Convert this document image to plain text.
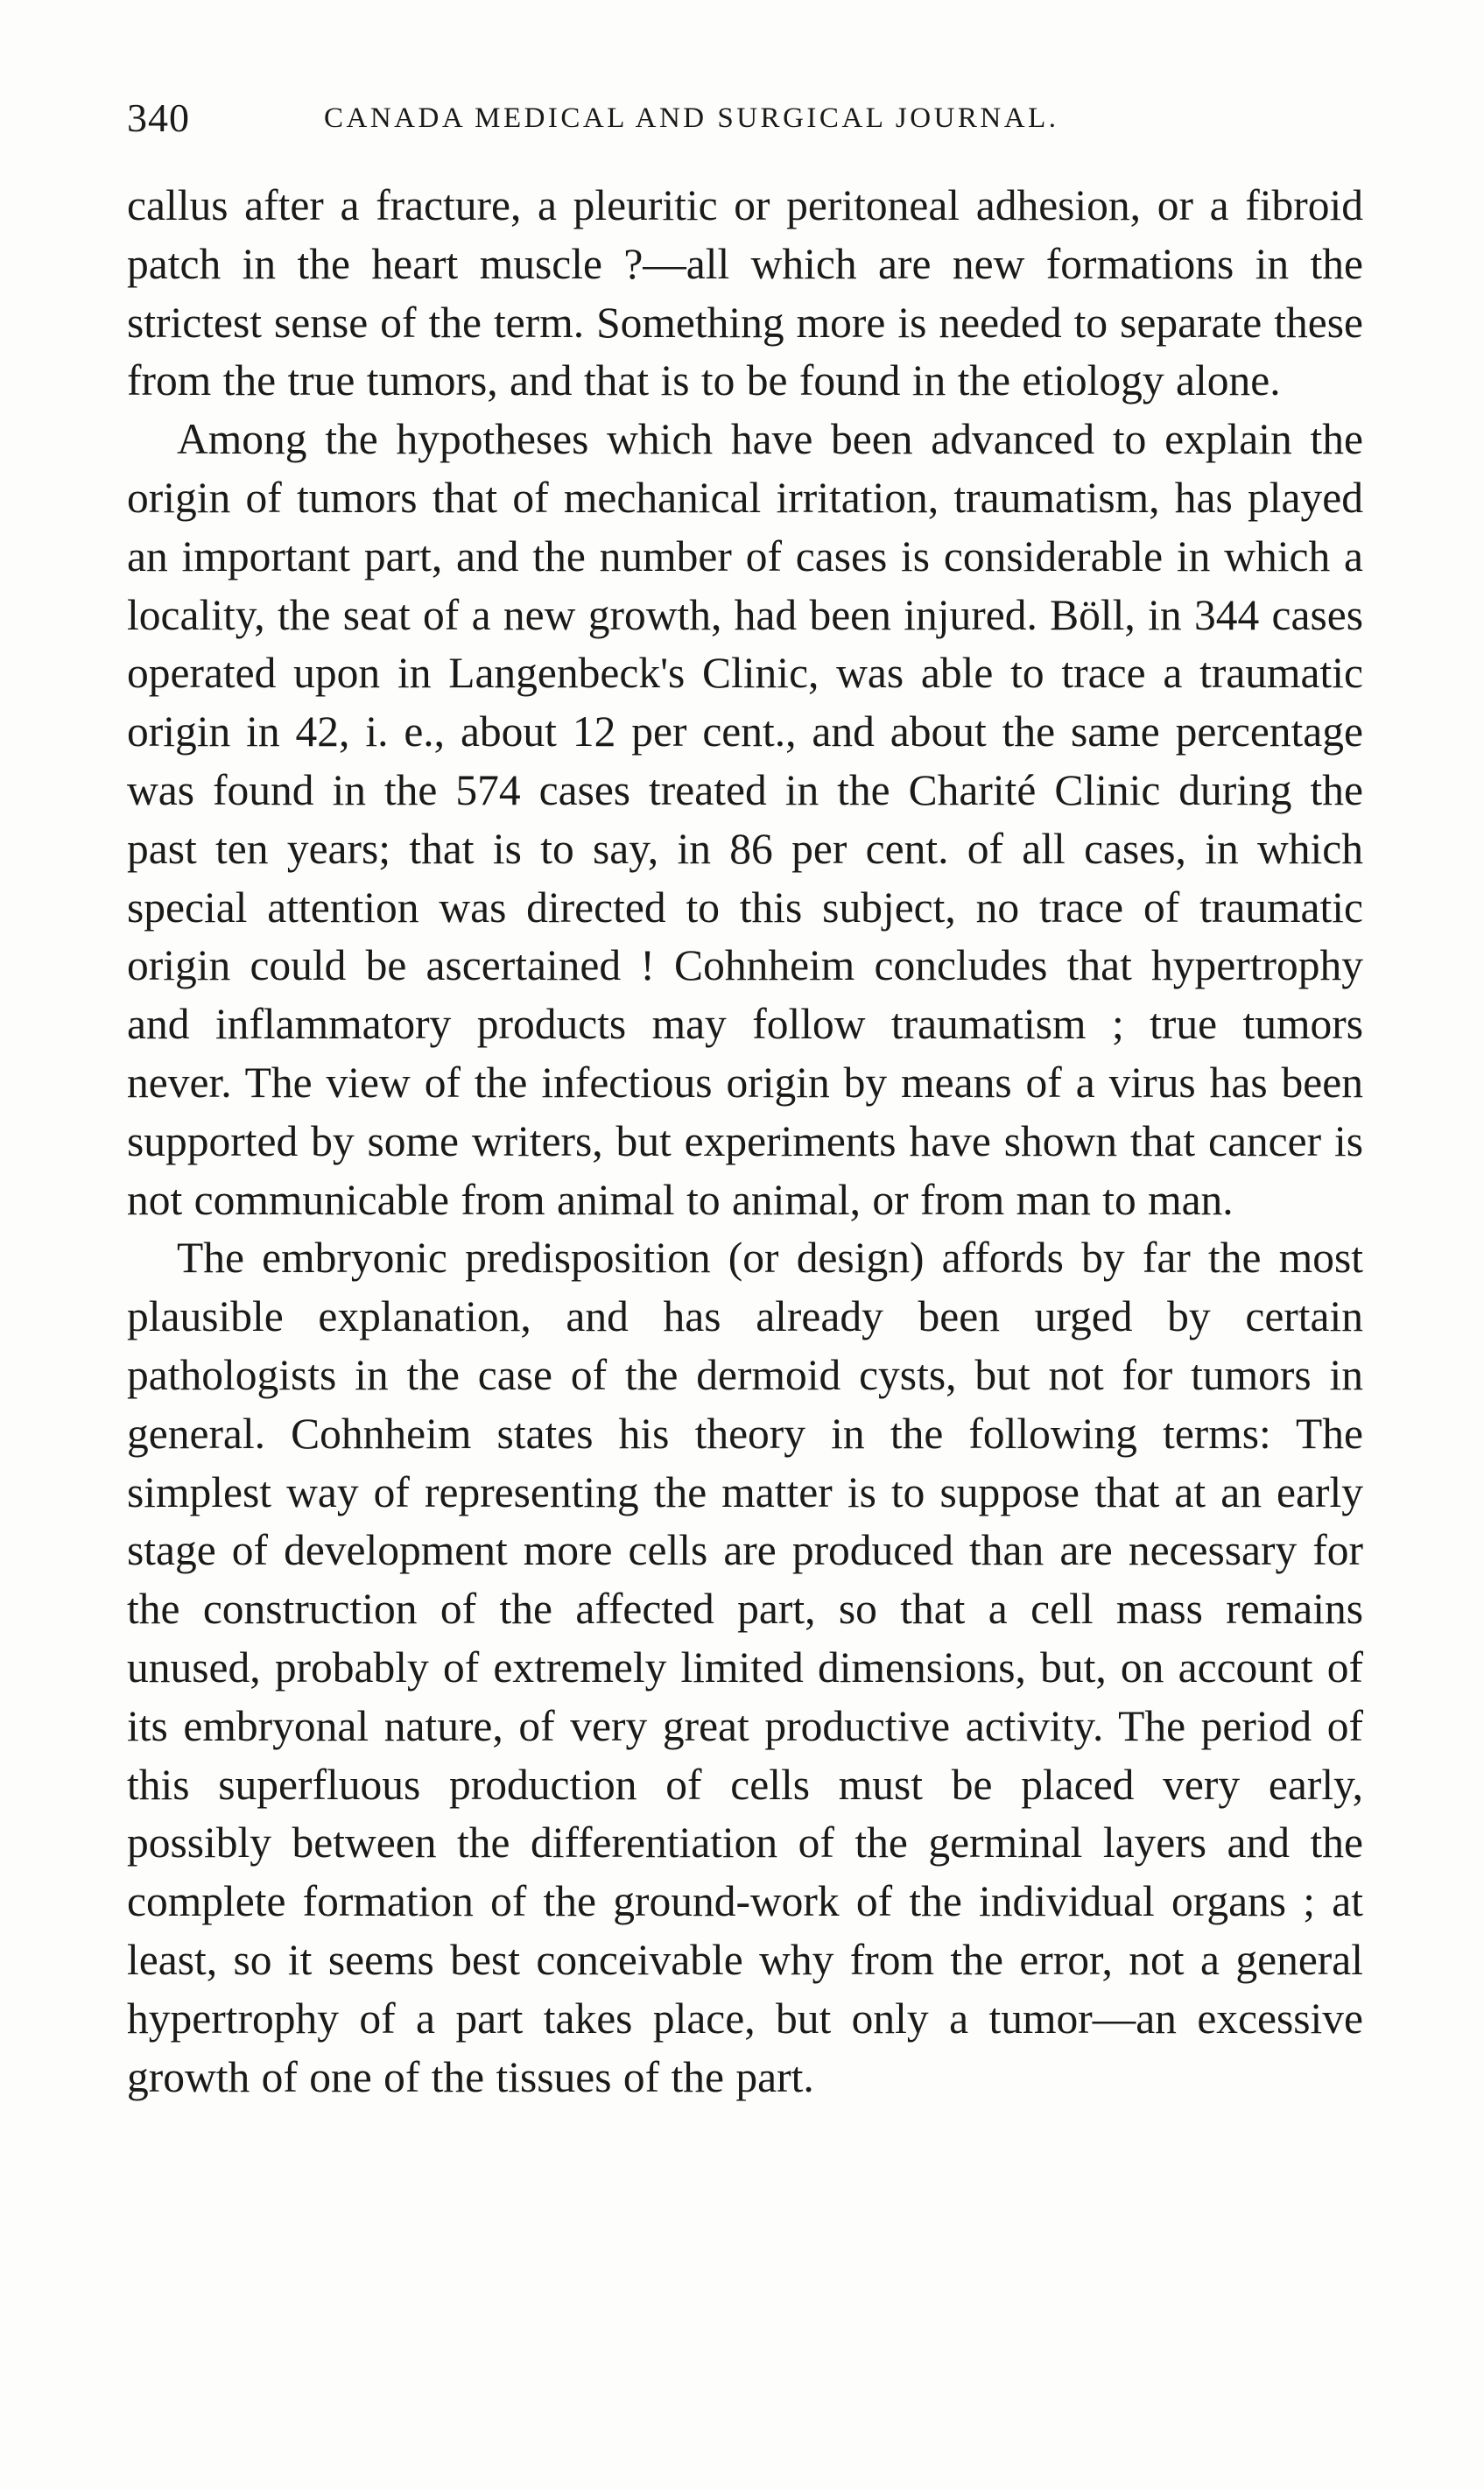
340	CANADA MEDICAL AND SURGICAL JOURNAL.

callus after a fracture, a pleuritic or peritoneal adhesion, or a fibroid patch in the heart muscle ?—all which are new formations in the strictest sense of the term. Something more is needed to separate these from the true tumors, and that is to be found in the etiology alone.

Among the hypotheses which have been advanced to explain the origin of tumors that of mechanical irritation, traumatism, has played an important part, and the number of cases is considerable in which a locality, the seat of a new growth, had been injured. Böll, in 344 cases operated upon in Langenbeck's Clinic, was able to trace a traumatic origin in 42, i. e., about 12 per cent., and about the same percentage was found in the 574 cases treated in the Charité Clinic during the past ten years; that is to say, in 86 per cent. of all cases, in which special attention was directed to this subject, no trace of traumatic origin could be ascertained ! Cohnheim concludes that hypertrophy and inflammatory products may follow traumatism ; true tumors never. The view of the infectious origin by means of a virus has been supported by some writers, but experiments have shown that cancer is not communicable from animal to animal, or from man to man.

The embryonic predisposition (or design) affords by far the most plausible explanation, and has already been urged by certain pathologists in the case of the dermoid cysts, but not for tumors in general. Cohnheim states his theory in the following terms: The simplest way of representing the matter is to suppose that at an early stage of development more cells are produced than are necessary for the construction of the affected part, so that a cell mass remains unused, probably of extremely limited dimensions, but, on account of its embryonal nature, of very great productive activity. The period of this superfluous production of cells must be placed very early, possibly between the differentiation of the germinal layers and the complete formation of the ground-work of the individual organs ; at least, so it seems best conceivable why from the error, not a general hypertrophy of a part takes place, but only a tumor—an excessive growth of one of the tissues of the part.
